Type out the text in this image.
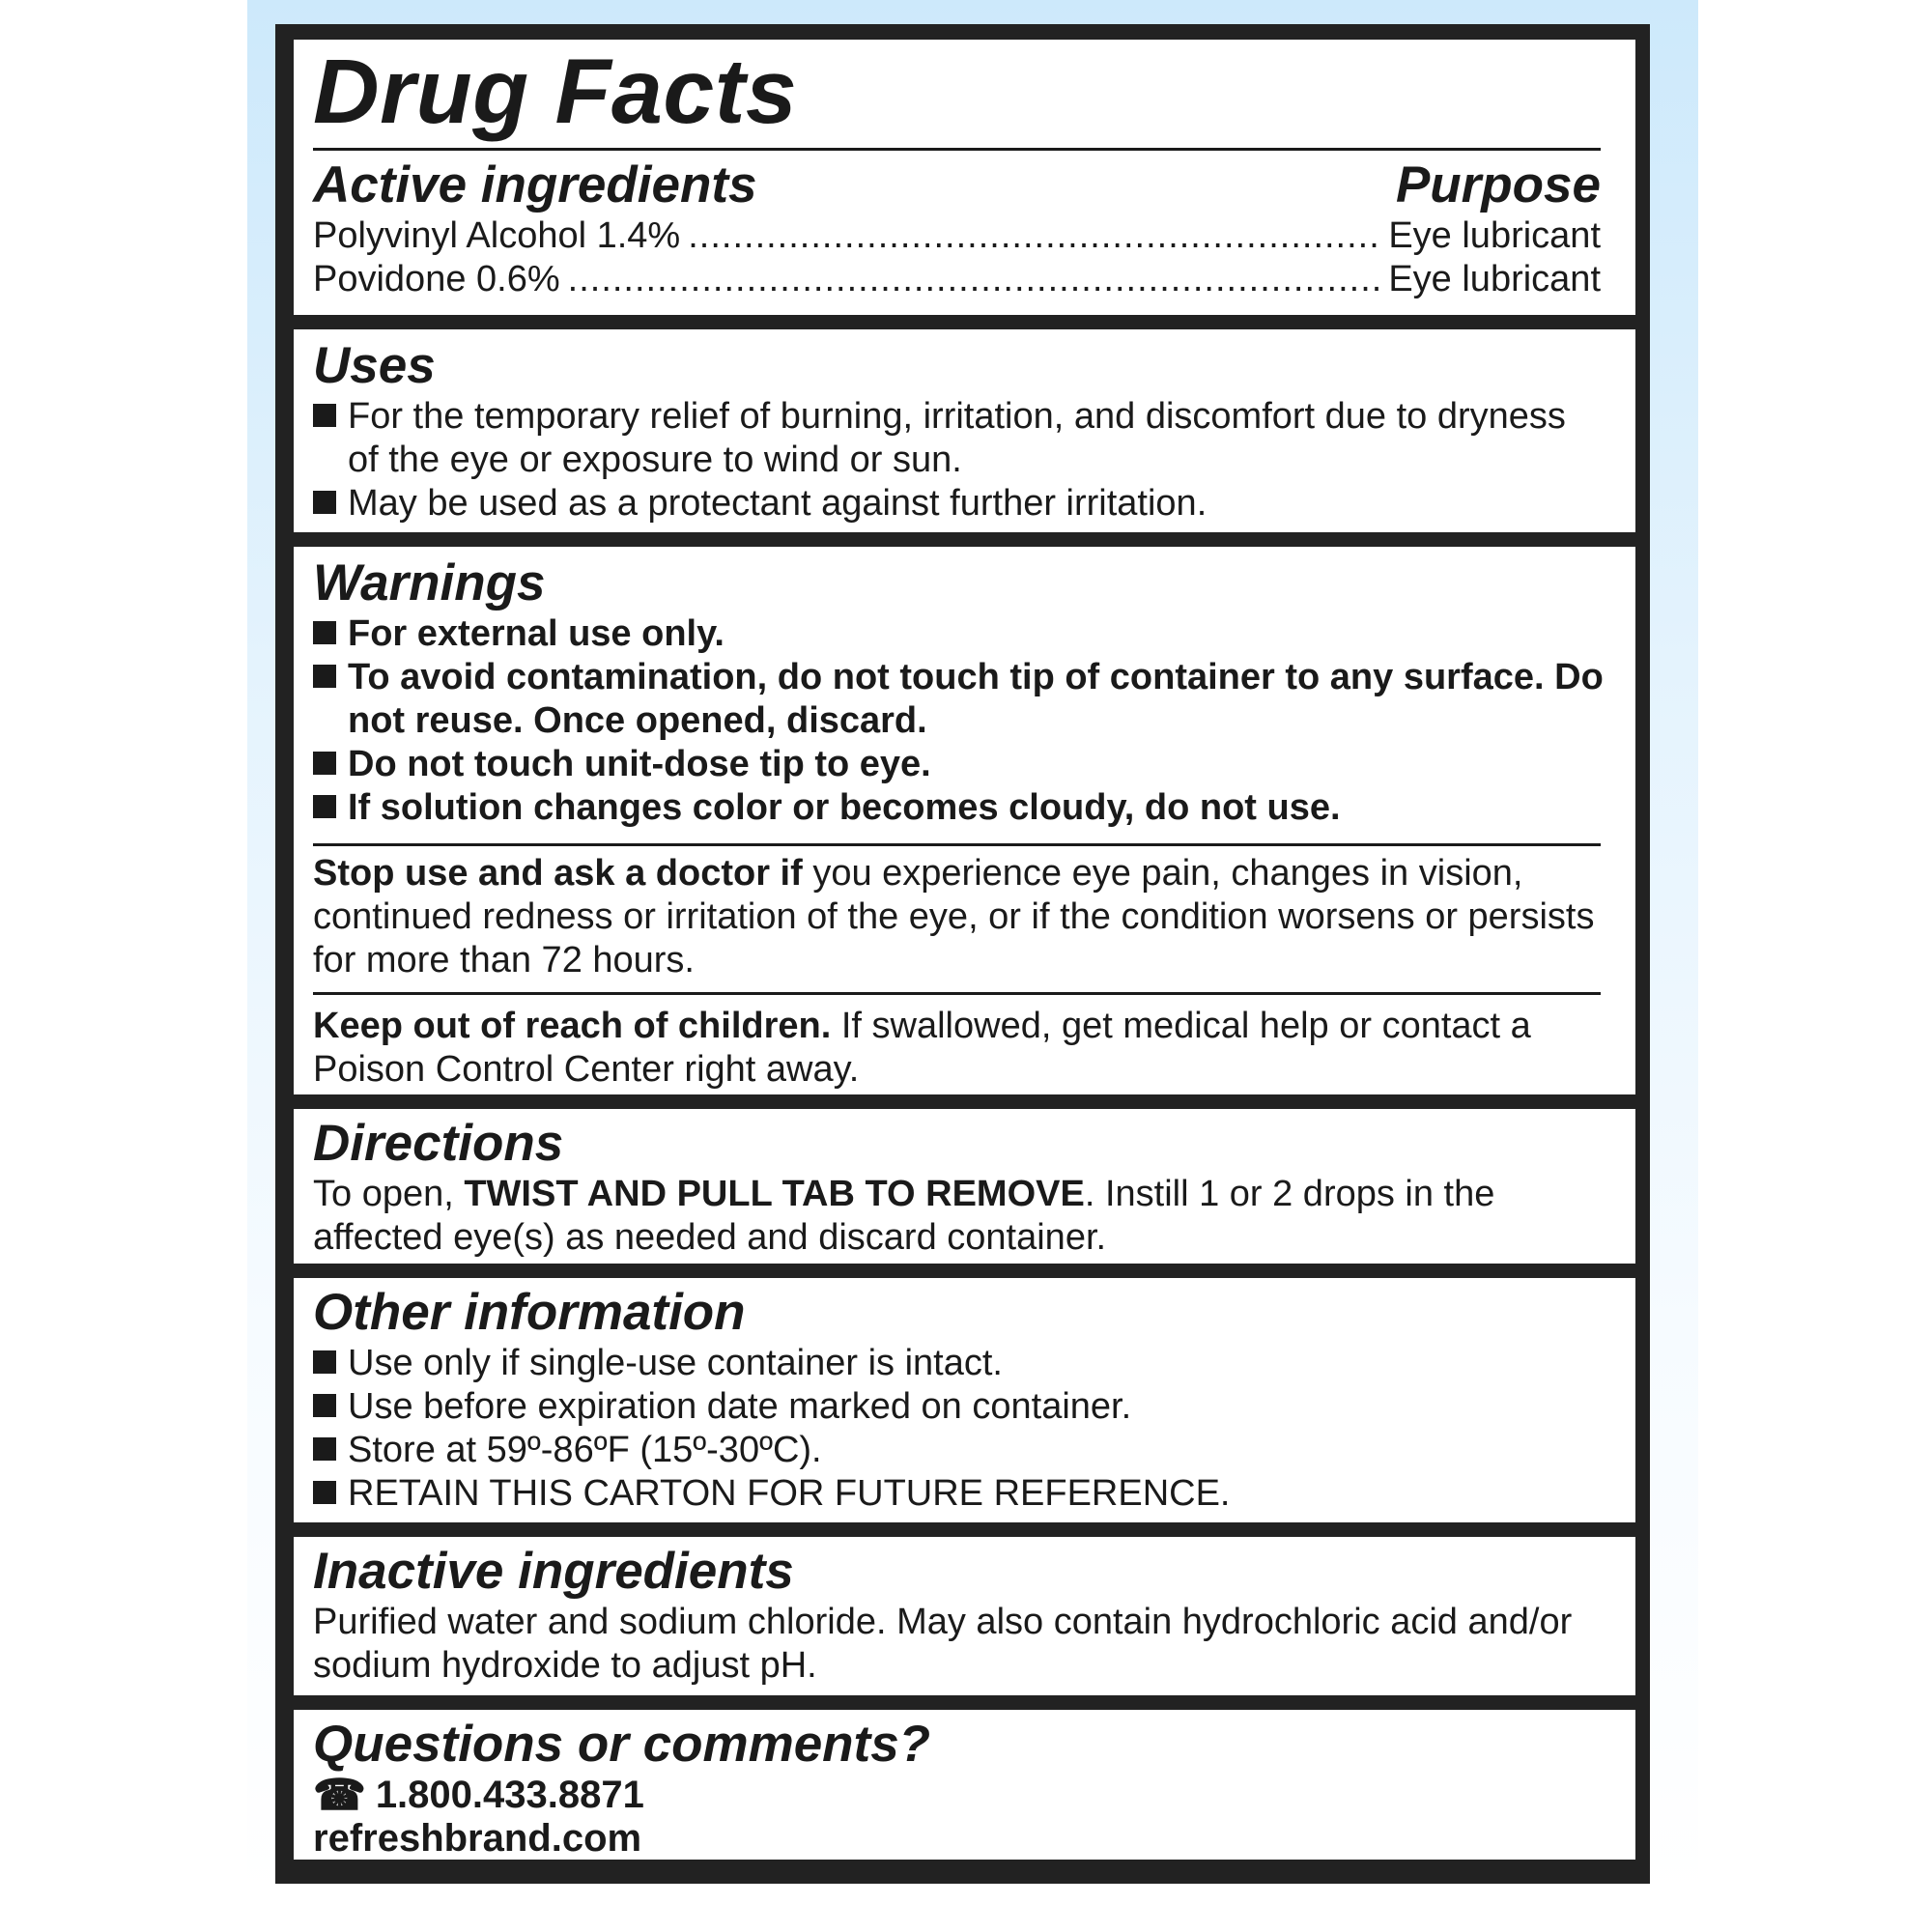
Drug Facts
Active ingredients	Purpose
Polyvinyl Alcohol 1.4% .....	Eye lubricant
Povidone 0.6% .....	Eye lubricant
Uses
For the temporary relief of burning, irritation, and discomfort due to dryness of the eye or exposure to wind or sun.
May be used as a protectant against further irritation.
Warnings
For external use only.
To avoid contamination, do not touch tip of container to any surface. Do not reuse. Once opened, discard.
Do not touch unit-dose tip to eye.
If solution changes color or becomes cloudy, do not use.
Stop use and ask a doctor if you experience eye pain, changes in vision, continued redness or irritation of the eye, or if the condition worsens or persists for more than 72 hours.
Keep out of reach of children. If swallowed, get medical help or contact a Poison Control Center right away.
Directions
To open, TWIST AND PULL TAB TO REMOVE. Instill 1 or 2 drops in the affected eye(s) as needed and discard container.
Other information
Use only if single-use container is intact.
Use before expiration date marked on container.
Store at 59º-86ºF (15º-30ºC).
RETAIN THIS CARTON FOR FUTURE REFERENCE.
Inactive ingredients
Purified water and sodium chloride. May also contain hydrochloric acid and/or sodium hydroxide to adjust pH.
Questions or comments?
☎ 1.800.433.8871
refreshbrand.com
